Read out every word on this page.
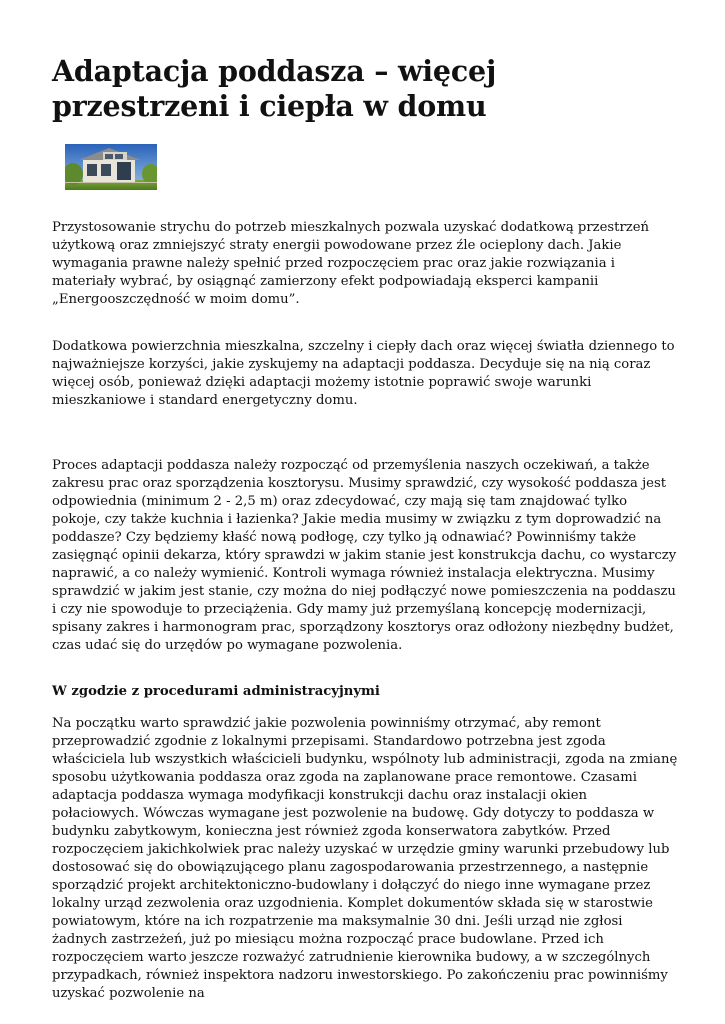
Adaptacja poddasza – więcej przestrzeni i ciepła w domu

Przystosowanie strychu do potrzeb mieszkalnych pozwala uzyskać dodatkową przestrzeń użytkową oraz zmniejszyć straty energii powodowane przez źle ocieplony dach. Jakie wymagania prawne należy spełnić przed rozpoczęciem prac oraz jakie rozwiązania i materiały wybrać, by osiągnąć zamierzony efekt podpowiadają eksperci kampanii „Energooszczędność w moim domu”.

Dodatkowa powierzchnia mieszkalna, szczelny i ciepły dach oraz więcej światła dziennego to najważniejsze korzyści, jakie zyskujemy na adaptacji poddasza. Decyduje się na nią coraz więcej osób, ponieważ dzięki adaptacji możemy istotnie poprawić swoje warunki mieszkaniowe i standard energetyczny domu.

Proces adaptacji poddasza należy rozpocząć od przemyślenia naszych oczekiwań, a także zakresu prac oraz sporządzenia kosztorysu. Musimy sprawdzić, czy wysokość poddasza jest odpowiednia (minimum 2 - 2,5 m) oraz zdecydować, czy mają się tam znajdować tylko pokoje, czy także kuchnia i łazienka? Jakie media musimy w związku z tym doprowadzić na poddasze? Czy będziemy kłaść nową podłogę, czy tylko ją odnawiać? Powinniśmy także zasięgnąć opinii dekarza, który sprawdzi w jakim stanie jest konstrukcja dachu, co wystarczy naprawić, a co należy wymienić. Kontroli wymaga również instalacja elektryczna. Musimy sprawdzić w jakim jest stanie, czy można do niej podłączyć nowe pomieszczenia na poddaszu i czy nie spowoduje to przeciążenia. Gdy mamy już przemyślaną koncepcję modernizacji, spisany zakres i harmonogram prac, sporządzony kosztorys oraz odłożony niezbędny budżet, czas udać się do urzędów po wymagane pozwolenia.

W zgodzie z procedurami administracyjnymi

Na początku warto sprawdzić jakie pozwolenia powinniśmy otrzymać, aby remont przeprowadzić zgodnie z lokalnymi przepisami. Standardowo potrzebna jest zgoda właściciela lub wszystkich właścicieli budynku, wspólnoty lub administracji, zgoda na zmianę sposobu użytkowania poddasza oraz zgoda na zaplanowane prace remontowe. Czasami adaptacja poddasza wymaga modyfikacji konstrukcji dachu oraz instalacji okien połaciowych. Wówczas wymagane jest pozwolenie na budowę. Gdy dotyczy to poddasza w budynku zabytkowym, konieczna jest również zgoda konserwatora zabytków. Przed rozpoczęciem jakichkolwiek prac należy uzyskać w urzędzie gminy warunki przebudowy lub dostosować się do obowiązującego planu zagospodarowania przestrzennego, a następnie sporządzić projekt architektoniczno-budowlany i dołączyć do niego inne wymagane przez lokalny urząd zezwolenia oraz uzgodnienia. Komplet dokumentów składa się w starostwie powiatowym, które na ich rozpatrzenie ma maksymalnie 30 dni. Jeśli urząd nie zgłosi żadnych zastrzeżeń, już po miesiącu można rozpocząć prace budowlane. Przed ich rozpoczęciem warto jeszcze rozważyć zatrudnienie kierownika budowy, a w szczególnych przypadkach, również inspektora nadzoru inwestorskiego. Po zakończeniu prac powinniśmy uzyskać pozwolenie na
